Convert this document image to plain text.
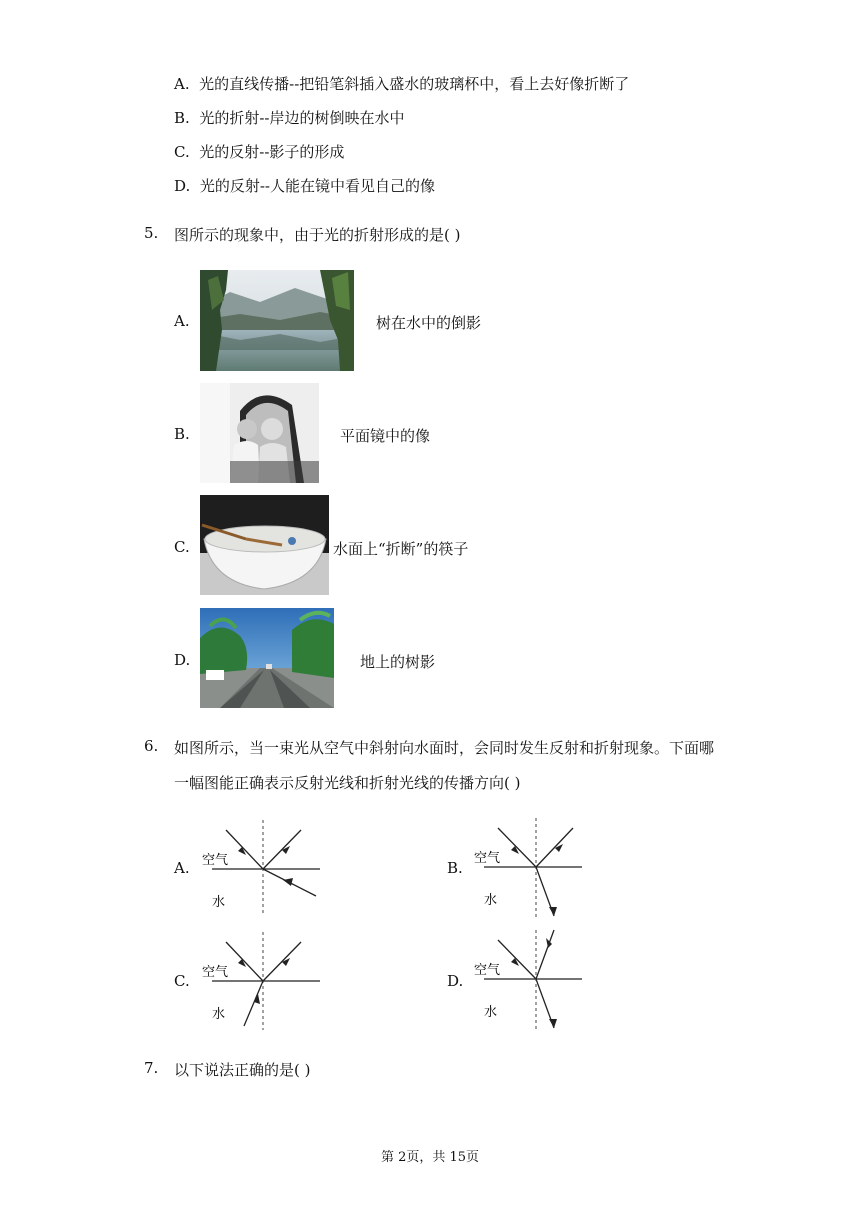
A. 光的直线传播--把铅笔斜插入盛水的玻璃杯中，看上去好像折断了
B. 光的折射--岸边的树倒映在水中
C. 光的反射--影子的形成
D. 光的反射--人能在镜中看见自己的像
5. 图所示的现象中，由于光的折射形成的是( )
A.	树在水中的倒影
B.	平面镜中的像
C.	水面上“折断”的筷子
D.	地上的树影
6. 如图所示，当一束光从空气中斜射向水面时，会同时发生反射和折射现象。下面哪
一幅图能正确表示反射光线和折射光线的传播方向( )
A. 空气
水
B.
空气
水
C. 空气
水
D.
空气
水
7. 以下说法正确的是( )
第 2页，共 15页
